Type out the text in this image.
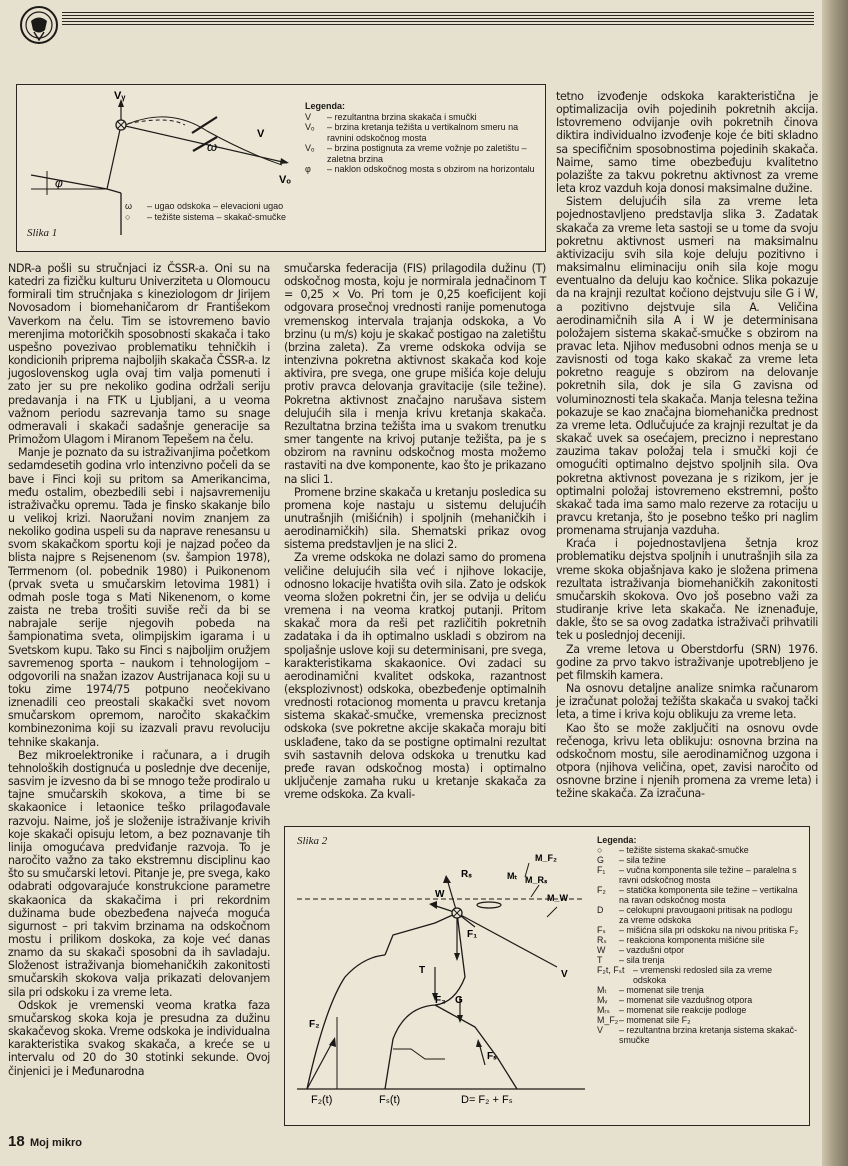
Vᵧ
V
Vₒ
ω
φ
Legenda:
V	– rezultantna brzina skakača i smučki
Vₒ	– brzina kretanja težišta u vertikalnom smeru na ravnini odskočnog mosta
Vₒ	– brzina postignuta za vreme vožnje po zaletištu – zaletna brzina
φ	– naklon odskočnog mosta s obzirom na horizontalu
ω	– ugao odskoka – elevacioni ugao
○	– težište sistema – skakač-smučke
Slika 1

tetno izvođenje odskoka karakteristična je optimalizacija ovih pojedinih pokretnih akcija. Istovremeno odvijanje ovih pokretnih činova diktira individualno izvođenje koje će biti skladno sa specifičnim sposobnostima pojedinih skakača. Naime, samo time obezbeđuju kvalitetno polazište za takvu pokretnu aktivnost za vreme leta kroz vazduh koja donosi maksimalne dužine.

Sistem delujućih sila za vreme leta pojednostavljeno predstavlja slika 3. Zadatak skakača za vreme leta sastoji se u tome da svoju pokretnu aktivnost usmeri na maksimalnu aktivizaciju svih sila koje deluju pozitivno i maksimalnu eliminaciju onih sila koje mogu eventualno da deluju kao kočnice. Slika pokazuje da na krajnji rezultat kočiono dejstvuju sile G i W, a pozitivno dejstvuje sila A. Veličina aerodinamičnih sila A i W je determinisana položajem sistema skakač-smučke s obzirom na pravac leta. Njihov međusobni odnos menja se u zavisnosti od toga kako skakač za vreme leta pokretno reaguje s obzirom na delovanje pokretnih sila, dok je sila G zavisna od voluminoznosti tela skakača. Manja telesna težina pokazuje se kao značajna biomehanička prednost za vreme leta. Odlučujuće za krajnji rezultat je da skakač uvek sa osećajem, precizno i neprestano zauzima takav položaj tela i smučki koji će omogućiti optimalno dejstvo spoljnih sila. Ova pokretna aktivnost povezana je s rizikom, jer je optimalni položaj istovremeno ekstremni, pošto skakač tada ima samo malo rezerve za rotaciju u pravcu kretanja, što je posebno teško pri naglim promenama strujanja vazduha.

Kraća i pojednostavljena šetnja kroz problematiku dejstva spoljnih i unutrašnjih sila za vreme skoka objašnjava kako je složena primena rezultata istraživanja biomehaničkih zakonitosti smučarskih skokova. Ovo još posebno važi za studiranje krive leta skakača. Ne iznenađuje, dakle, što se sa ovog zadatka istraživači prihvatili tek u poslednjoj deceniji.

Za vreme letova u Oberstdorfu (SRN) 1976. godine za prvo takvo istraživanje upotrebljeno je pet filmskih kamera.

Na osnovu detaljne analize snimka računarom je izračunat položaj težišta skakača u svakoj tački leta, a time i kriva koju oblikuju za vreme leta.

Kao što se može zaključiti na osnovu ovde rečenoga, krivu leta oblikuju: osnovna brzina na odskočnom mostu, sile aerodinamičnog uzgona i otpora (njihova veličina, opet, zavisi naročito od osnovne brzine i njenih promena za vreme leta) i težine skakača. Za izračuna-

NDR-a pošli su stručnjaci iz ČSSR-a. Oni su na katedri za fizičku kulturu Univerziteta u Olomoucu formirali tim stručnjaka s kineziologom dr Jirijem Novosadom i biomehaničarom dr Františekom Vaverkom na čelu. Tim se istovremeno bavio merenjima motoričkih sposobnosti skakača i tako uspešno povezivao problematiku tehničkih i kondicionih priprema najboljih skakača ČSSR-a. Iz jugoslovenskog ugla ovaj tim valja pomenuti i zato jer su pre nekoliko godina održali seriju predavanja i na FTK u Ljubljani, a u veoma važnom periodu sazrevanja tamo su snage odmeravali i skakači sadašnje generacije sa Primožom Ulagom i Miranom Tepešem na čelu.

Manje je poznato da su istraživanjima početkom sedamdesetih godina vrlo intenzivno počeli da se bave i Finci koji su pritom sa Amerikancima, među ostalim, obezbedili sebi i najsavremeniju istraživačku opremu. Tada je finsko skakanje bilo u velikoj krizi. Naoružani novim znanjem za nekoliko godina uspeli su da naprave renesansu u svom skakačkom sportu koji je najzad počeo da blista najpre s Rejsenenom (sv. šampion 1978), Terrmenom (ol. pobednik 1980) i Puikonenom (prvak sveta u smučarskim letovima 1981) i odmah posle toga s Mati Nikenenom, o kome zaista ne treba trošiti suviše reči da bi se nabrajale serije njegovih pobeda na šampionatima sveta, olimpijskim igarama i u Svetskom kupu. Tako su Finci s najboljim oružjem savremenog sporta – naukom i tehnologijom – odgovorili na snažan izazov Austrijanaca koji su u toku zime 1974/75 potpuno neočekivano iznenadili ceo preostali skakački svet novom smučarskom opremom, naročito skakačkim kombinezonima koji su izazvali pravu revoluciju tehnike skakanja.

Bez mikroelektronike i računara, a i drugih tehnoloških dostignuća u poslednje dve decenije, sasvim je izvesno da bi se mnogo teže prodiralo u tajne smučarskih skokova, a time bi se skakaonice i letaonice teško prilagođavale razvoju. Naime, još je složenije istraživanje krivih koje skakači opisuju letom, a bez poznavanje tih linija omogućava predviđanje razvoja. To je naročito važno za tako ekstremnu disciplinu kao što su smučarski letovi. Pitanje je, pre svega, kako odabrati odgovarajuće konstrukcione parametre skakaonica da skakačima i pri rekordnim dužinama bude obezbeđena najveća moguća sigurnost – pri takvim brzinama na odskočnom mostu i prilikom doskoka, za koje već danas znamo da su skakači sposobni da ih savladaju. Složenost istraživanja biomehaničkih zakonitosti smučarskih skokova valja prikazati delovanjem sila pri odskoku i za vreme leta.

Odskok je vremenski veoma kratka faza smučarskog skoka koja je presudna za dužinu skakačevog skoka. Vreme odskoka je individualna karakteristika svakog skakača, a kreće se u intervalu od 20 do 30 stotinki sekunde. Ovoj činjenici je i Međunarodna

smučarska federacija (FIS) prilagodila dužinu (T) odskočnog mosta, koju je normirala jednačinom T = 0,25 × Vo. Pri tom je 0,25 koeficijent koji odgovara prosečnoj vrednosti ranije pomenutoga vremenskog intervala trajanja odskoka, a Vo brzinu (u m/s) koju je skakač postigao na zaletištu (brzina zaleta). Za vreme odskoka odvija se intenzivna pokretna aktivnost skakača kod koje aktivira, pre svega, one grupe mišića koje deluju protiv pravca delovanja gravitacije (sile težine). Pokretna aktivnost značajno narušava sistem delujućih sila i menja krivu kretanja skakača. Rezultatna brzina težišta ima u svakom trenutku smer tangente na krivoj putanje težišta, pa je s obzirom na ravninu odskočnog mosta možemo rastaviti na dve komponente, kao što je prikazano na slici 1.

Promene brzine skakača u kretanju posledica su promena koje nastaju u sistemu delujućih unutrašnjih (mišićnih) i spoljnih (mehaničkih i aerodinamičkih) sila. Shematski prikaz ovog sistema predstavljen je na slici 2.

Za vreme odskoka ne dolazi samo do promena veličine delujućih sila već i njihove lokacije, odnosno lokacije hvatišta ovih sila. Zato je odskok veoma složen pokretni čin, jer se odvija u deliću vremena i na veoma kratkoj putanji. Pritom skakač mora da reši pet različitih pokretnih zadataka i da ih optimalno uskladi s obzirom na spoljašnje uslove koji su determinisani, pre svega, karakteristikama skakaonice. Ovi zadaci su aerodinamični kvalitet odskoka, razantnost (eksplozivnost) odskoka, obezbeđenje optimalnih vrednosti rotacionog momenta u pravcu kretanja sistema skakač-smučke, vremenska preciznost odskoka (sve pokretne akcije skakača moraju biti usklađene, tako da se postigne optimalni rezultat svih sastavnih delova odskoka u trenutku kad pređe ravan odskočnog mosta) i optimalno uključenje zamaha ruku u kretanje skakača za vreme odskoka. Za kvali-

Slika 2
W
Rₛ
F₁
T
F₂ G
Fₛ
F₂
M_F₂
Mₜ M_Rₛ
M_W
V
F₂(t)	Fₛ(t)	D= F₂ + Fₛ
Legenda:
○	– težište sistema skakač-smučke
G	– sila težine
F₁	– vučna komponenta sile težine – paralelna s ravni odskočnog mosta
F₂	– statička komponenta sile težine – vertikalna na ravan odskočnog mosta
D	– celokupni pravougaoni pritisak na podlogu za vreme odskoka
Fₛ	– mišićna sila pri odskoku na nivou pritiska F₂
Rₛ	– reakciona komponenta mišićne sile
W	– vazdušni otpor
T	– sila trenja
F₂t, Fₛt – vremenski redosled sila za vreme odskoka
Mₜ	– momenat sile trenja
Mᵥ	– momenat sile vazdušnog otpora
Mᵣₛ	– momenat sile reakcije podloge
M_F₂ – momenat sile F₂
V	– rezultantna brzina kretanja sistema skakač-smučke
18 Moj mikro
